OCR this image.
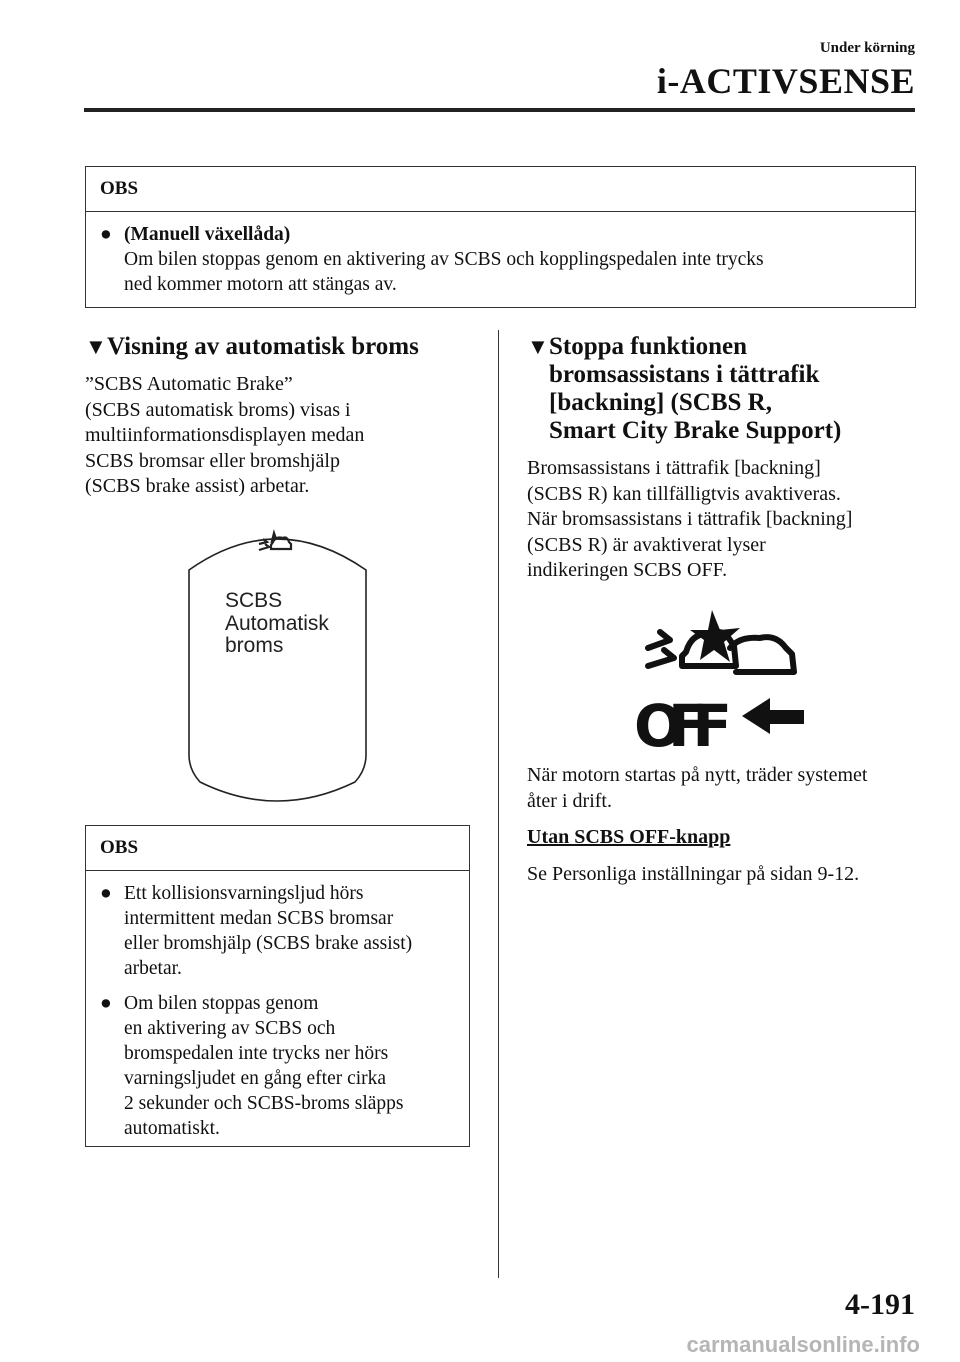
Under körning
i-ACTIVSENSE
OBS
● (Manuell växellåda)
Om bilen stoppas genom en aktivering av SCBS och kopplingspedalen inte trycks
ned kommer motorn att stängas av.
▼ Visning av automatisk broms
”SCBS Automatic Brake”
(SCBS automatisk broms) visas i
multiinformationsdisplayen medan
SCBS bromsar eller bromshjälp
(SCBS brake assist) arbetar.
SCBS
Automatisk
broms
OBS
● Ett kollisionsvarningsljud hörs
intermittent medan SCBS bromsar
eller bromshjälp (SCBS brake assist)
arbetar.
● Om bilen stoppas genom
en aktivering av SCBS och
bromspedalen inte trycks ner hörs
varningsljudet en gång efter cirka
2 sekunder och SCBS-broms släpps
automatiskt.
▼ Stoppa funktionen
bromsassistans i tättrafik
[backning] (SCBS R,
Smart City Brake Support)
Bromsassistans i tättrafik [backning]
(SCBS R) kan tillfälligtvis avaktiveras.
När bromsassistans i tättrafik [backning]
(SCBS R) är avaktiverat lyser
indikeringen SCBS OFF.
OFF
När motorn startas på nytt, träder systemet
åter i drift.
Utan SCBS OFF-knapp
Se Personliga inställningar på sidan 9-12.
4-191
carmanualsonline.info
